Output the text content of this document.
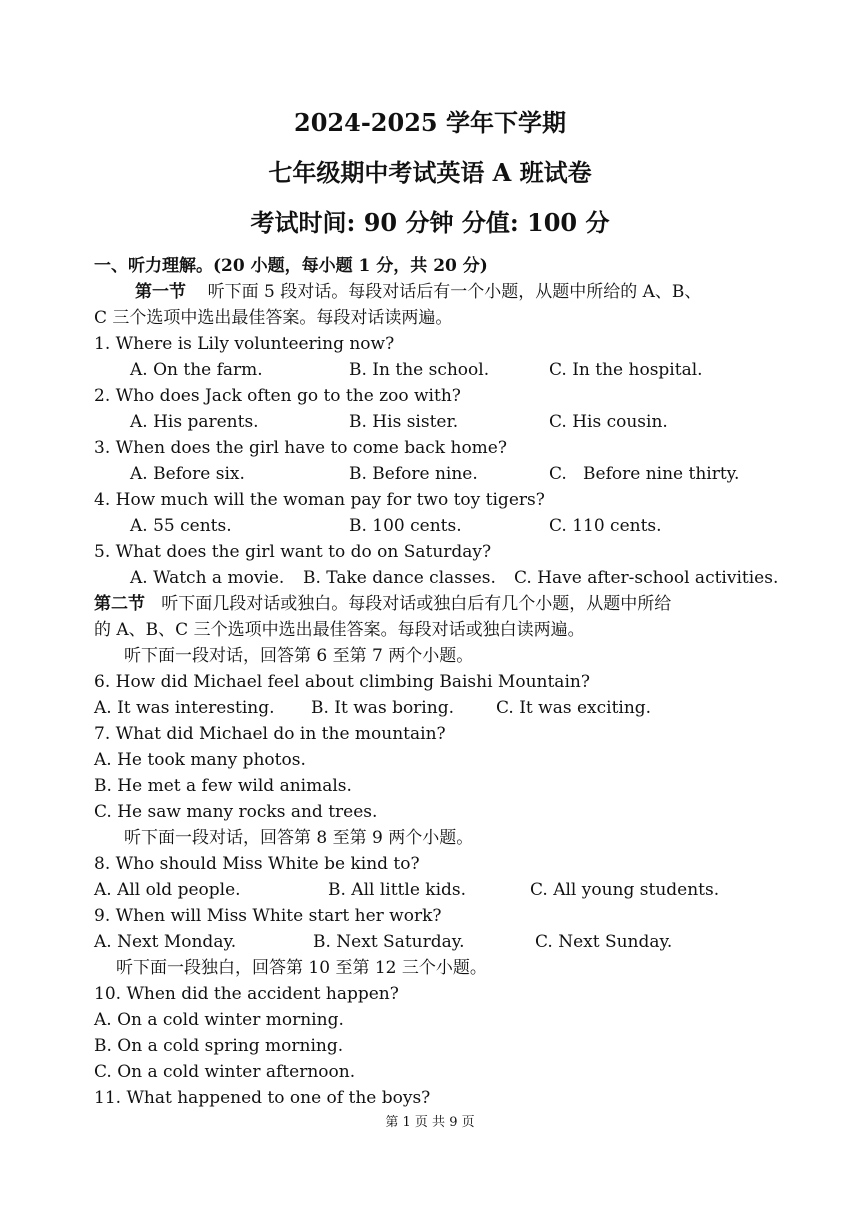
2024-2025 学年下学期
七年级期中考试英语 A 班试卷
考试时间: 90 分钟 分值: 100 分
一、听力理解。(20 小题，每小题 1 分，共 20 分)
第一节 听下面 5 段对话。每段对话后有一个小题，从题中所给的 A、B、
C 三个选项中选出最佳答案。每段对话读两遍。
1. Where is Lily volunteering now?
A. On the farm.	B. In the school.	C. In the hospital.
2. Who does Jack often go to the zoo with?
A. His parents.	B. His sister.	C. His cousin.
3. When does the girl have to come back home?
A. Before six.	B. Before nine.	C.   Before nine thirty.
4. How much will the woman pay for two toy tigers?
A. 55 cents.	B. 100 cents.	C. 110 cents.
5. What does the girl want to do on Saturday?
A. Watch a movie. B. Take dance classes. C. Have after-school activities.
第二节 听下面几段对话或独白。每段对话或独白后有几个小题，从题中所给
的 A、B、C 三个选项中选出最佳答案。每段对话或独白读两遍。
听下面一段对话，回答第 6 至第 7 两个小题。
6. How did Michael feel about climbing Baishi Mountain?
A. It was interesting. B. It was boring. C. It was exciting.
7. What did Michael do in the mountain?
A. He took many photos.
B. He met a few wild animals.
C. He saw many rocks and trees.
听下面一段对话，回答第 8 至第 9 两个小题。
8. Who should Miss White be kind to?
A. All old people.	B. All little kids.	C. All young students.
9. When will Miss White start her work?
A. Next Monday.	B. Next Saturday.	C. Next Sunday.
听下面一段独白，回答第 10 至第 12 三个小题。
10. When did the accident happen?
A. On a cold winter morning.
B. On a cold spring morning.
C. On a cold winter afternoon.
11. What happened to one of the boys?
第 1 页 共 9 页
